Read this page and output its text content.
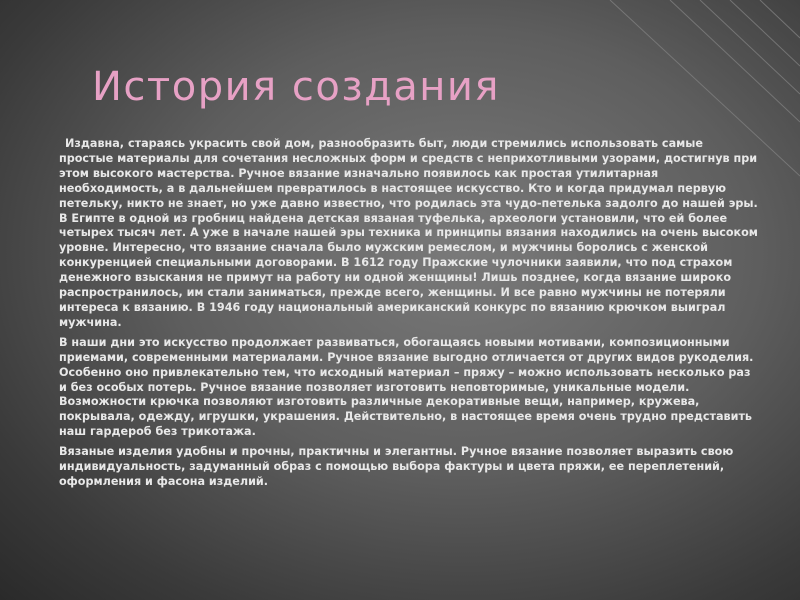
История создания

Издавна, стараясь украсить свой дом, разнообразить быт, люди стремились использовать самые простые материалы для сочетания несложных форм и средств с неприхотливыми узорами, достигнув при этом высокого мастерства. Ручное вязание изначально появилось как простая утилитарная необходимость, а в дальнейшем превратилось в настоящее искусство. Кто и когда придумал первую петельку, никто не знает, но уже давно известно, что родилась эта чудо-петелька задолго до нашей эры. В Египте в одной из гробниц найдена детская вязаная туфелька, археологи установили, что ей более четырех тысяч лет. А уже в начале нашей эры техника и принципы вязания находились на очень высоком уровне. Интересно, что вязание сначала было мужским ремеслом, и мужчины боролись с женской конкуренцией специальными договорами. В 1612 году Пражские чулочники заявили, что под страхом денежного взыскания не примут на работу ни одной женщины! Лишь позднее, когда вязание широко распространилось, им стали заниматься, прежде всего, женщины. И все равно мужчины не потеряли интереса к вязанию. В 1946 году национальный американский конкурс по вязанию крючком выиграл мужчина.

В наши дни это искусство продолжает развиваться, обогащаясь новыми мотивами, композиционными приемами, современными материалами. Ручное вязание выгодно отличается от других видов рукоделия. Особенно оно привлекательно тем, что исходный материал – пряжу – можно использовать несколько раз и без особых потерь. Ручное вязание позволяет изготовить неповторимые, уникальные модели. Возможности крючка позволяют изготовить различные декоративные вещи, например, кружева, покрывала, одежду, игрушки, украшения. Действительно, в настоящее время очень трудно представить наш гардероб без трикотажа.

Вязаные изделия удобны и прочны, практичны и элегантны. Ручное вязание позволяет выразить свою индивидуальность, задуманный образ с помощью выбора фактуры и цвета пряжи, ее переплетений, оформления и фасона изделий.
